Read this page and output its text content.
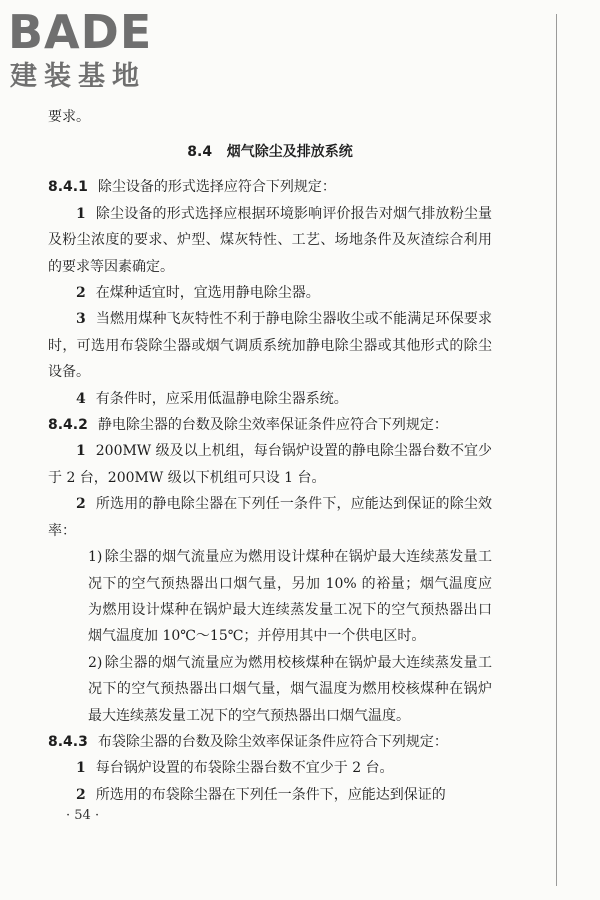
BADE
建装基地

要求。

8.4 烟气除尘及排放系统

8.4.1 除尘设备的形式选择应符合下列规定：

1 除尘设备的形式选择应根据环境影响评价报告对烟气排放粉尘量及粉尘浓度的要求、炉型、煤灰特性、工艺、场地条件及灰渣综合利用的要求等因素确定。

2 在煤种适宜时，宜选用静电除尘器。

3 当燃用煤种飞灰特性不利于静电除尘器收尘或不能满足环保要求时，可选用布袋除尘器或烟气调质系统加静电除尘器或其他形式的除尘设备。

4 有条件时，应采用低温静电除尘器系统。

8.4.2 静电除尘器的台数及除尘效率保证条件应符合下列规定：

1 200MW 级及以上机组，每台锅炉设置的静电除尘器台数不宜少于 2 台，200MW 级以下机组可只设 1 台。

2 所选用的静电除尘器在下列任一条件下，应能达到保证的除尘效率：

1) 除尘器的烟气流量应为燃用设计煤种在锅炉最大连续蒸发量工况下的空气预热器出口烟气量，另加 10% 的裕量；烟气温度应为燃用设计煤种在锅炉最大连续蒸发量工况下的空气预热器出口烟气温度加 10℃～15℃；并停用其中一个供电区时。

2) 除尘器的烟气流量应为燃用校核煤种在锅炉最大连续蒸发量工况下的空气预热器出口烟气量，烟气温度为燃用校核煤种在锅炉最大连续蒸发量工况下的空气预热器出口烟气温度。

8.4.3 布袋除尘器的台数及除尘效率保证条件应符合下列规定：

1 每台锅炉设置的布袋除尘器台数不宜少于 2 台。

2 所选用的布袋除尘器在下列任一条件下，应能达到保证的

· 54 ·
